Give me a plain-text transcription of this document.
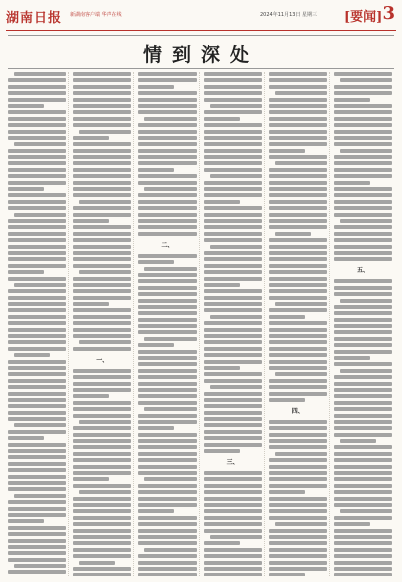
湖南日报 新湖南客户端 华声在线	2024年11月13日 星期三 [要闻] 3
情到深处
一、
二、
三、
四、
五、
